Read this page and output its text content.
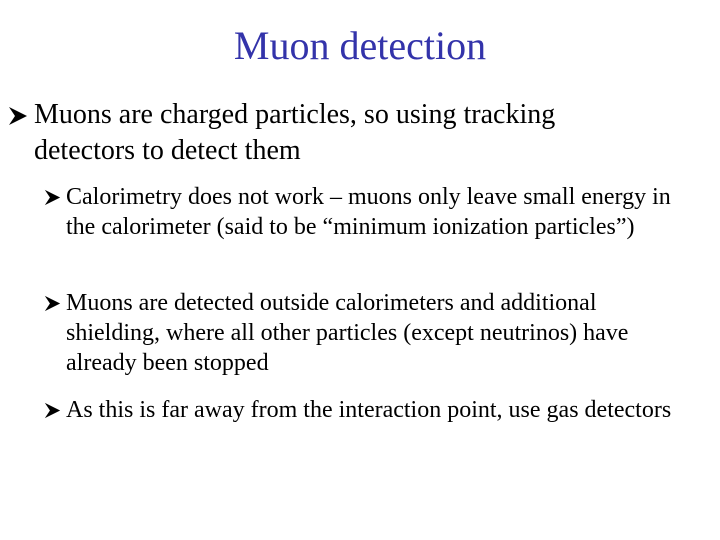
Muon detection
Muons are charged particles, so using tracking detectors to detect them
Calorimetry does not work – muons only leave small energy in the calorimeter (said to be “minimum ionization particles”)
Muons are detected outside calorimeters and additional shielding, where all other particles (except neutrinos) have already been stopped
As this is far away from the interaction point, use gas detectors
